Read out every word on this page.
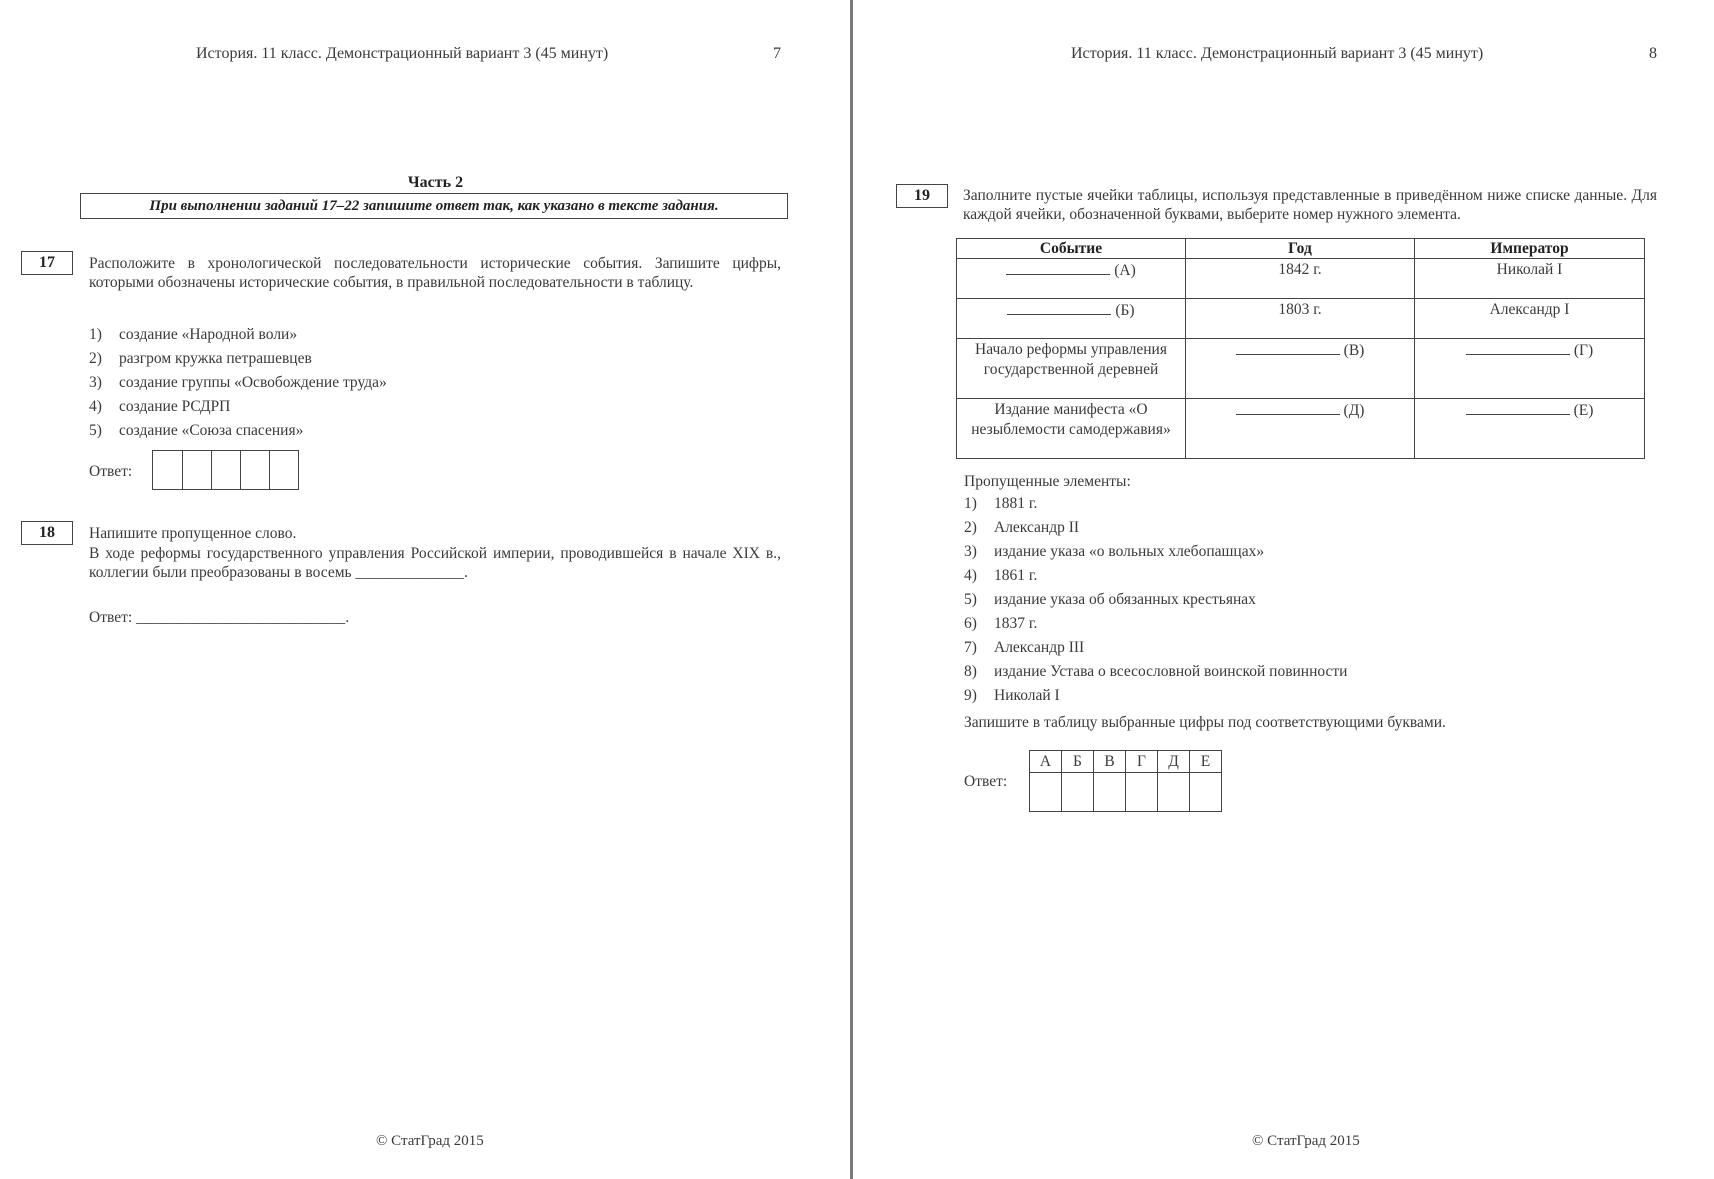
История. 11 класс. Демонстрационный вариант 3 (45 минут)	7
Часть 2
При выполнении заданий 17–22 запишите ответ так, как указано в тексте задания.
17 Расположите в хронологической последовательности исторические события. Запишите цифры, которыми обозначены исторические события, в правильной последовательности в таблицу.
1)	создание «Народной воли»
2)	разгром кружка петрашевцев
3)	создание группы «Освобождение труда»
4)	создание РСДРП
5)	создание «Союза спасения»
Ответ:
18 Напишите пропущенное слово.
В ходе реформы государственного управления Российской империи, проводившейся в начале XIX в., коллегии были преобразованы в восемь ______________.
Ответ: ___________________________.
© СтатГрад 2015
История. 11 класс. Демонстрационный вариант 3 (45 минут)	8
19 Заполните пустые ячейки таблицы, используя представленные в приведённом ниже списке данные. Для каждой ячейки, обозначенной буквами, выберите номер нужного элемента.
Событие	Год	Император
(А)	1842 г.	Николай I
(Б)	1803 г.	Александр I
Начало реформы управления государственной деревней	(В)	(Г)
Издание манифеста «О незыблемости самодержавия»	(Д)	(Е)
Пропущенные элементы:
1)	1881 г.
2)	Александр II
3)	издание указа «о вольных хлебопашцах»
4)	1861 г.
5)	издание указа об обязанных крестьянах
6)	1837 г.
7)	Александр III
8)	издание Устава о всесословной воинской повинности
9)	Николай I
Запишите в таблицу выбранные цифры под соответствующими буквами.
Ответ:
А	Б	В	Г	Д	Е

© СтатГрад 2015
